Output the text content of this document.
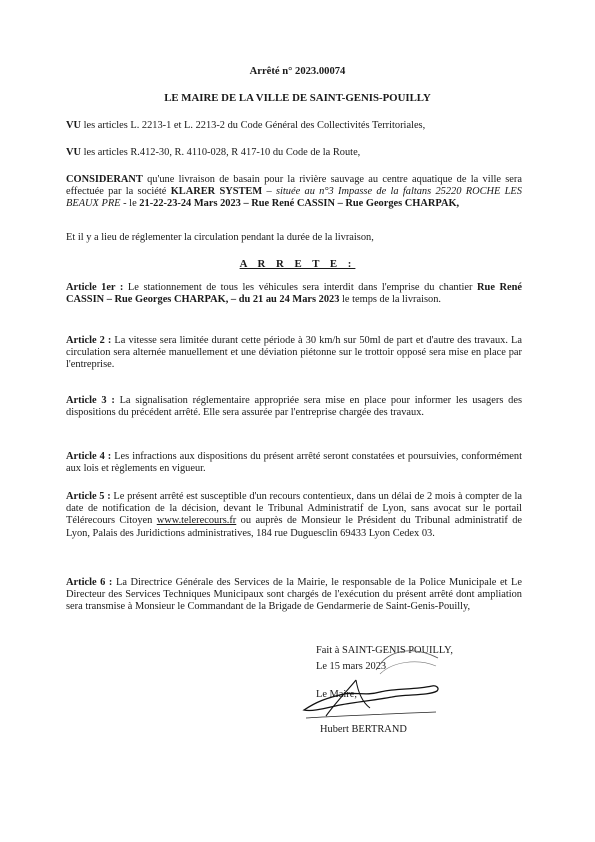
Arrêté n° 2023.00074
LE MAIRE DE LA VILLE DE SAINT-GENIS-POUILLY
VU les articles L. 2213-1 et L. 2213-2 du Code Général des Collectivités Territoriales,
VU les articles R.412-30, R. 4110-028, R 417-10 du Code de la Route,
CONSIDERANT qu'une livraison de basain pour la rivière sauvage au centre aquatique de la ville sera effectuée par la société KLARER SYSTEM – située au n°3 Impasse de la faltans 25220 ROCHE LES BEAUX PRE - le 21-22-23-24 Mars 2023 – Rue René CASSIN – Rue Georges CHARPAK,
Et il y a lieu de réglementer la circulation pendant la durée de la livraison,
A R R E T E :
Article 1er : Le stationnement de tous les véhicules sera interdit dans l'emprise du chantier Rue René CASSIN – Rue Georges CHARPAK, – du 21 au 24 Mars 2023 le temps de la livraison.
Article 2 : La vitesse sera limitée durant cette période à 30 km/h sur 50ml de part et d'autre des travaux. La circulation sera alternée manuellement et une déviation piétonne sur le trottoir opposé sera mise en place par l'entreprise.
Article 3 : La signalisation réglementaire appropriée sera mise en place pour informer les usagers des dispositions du précédent arrêté. Elle sera assurée par l'entreprise chargée des travaux.
Article 4 : Les infractions aux dispositions du présent arrêté seront constatées et poursuivies, conformément aux lois et règlements en vigueur.
Article 5 : Le présent arrêté est susceptible d'un recours contentieux, dans un délai de 2 mois à compter de la date de notification de la décision, devant le Tribunal Administratif de Lyon, sans avocat sur le portail Télérecours Citoyen www.telerecours.fr ou auprès de Monsieur le Président du Tribunal administratif de Lyon, Palais des Juridictions administratives, 184 rue Duguesclin 69433 Lyon Cedex 03.
Article 6 : La Directrice Générale des Services de la Mairie, le responsable de la Police Municipale et Le Directeur des Services Techniques Municipaux sont chargés de l'exécution du présent arrêté dont ampliation sera transmise à Monsieur le Commandant de la Brigade de Gendarmerie de Saint-Genis-Pouilly,
Fait à SAINT-GENIS POUILLY,
Le 15 mars 2023
Le Maire,
Hubert BERTRAND
